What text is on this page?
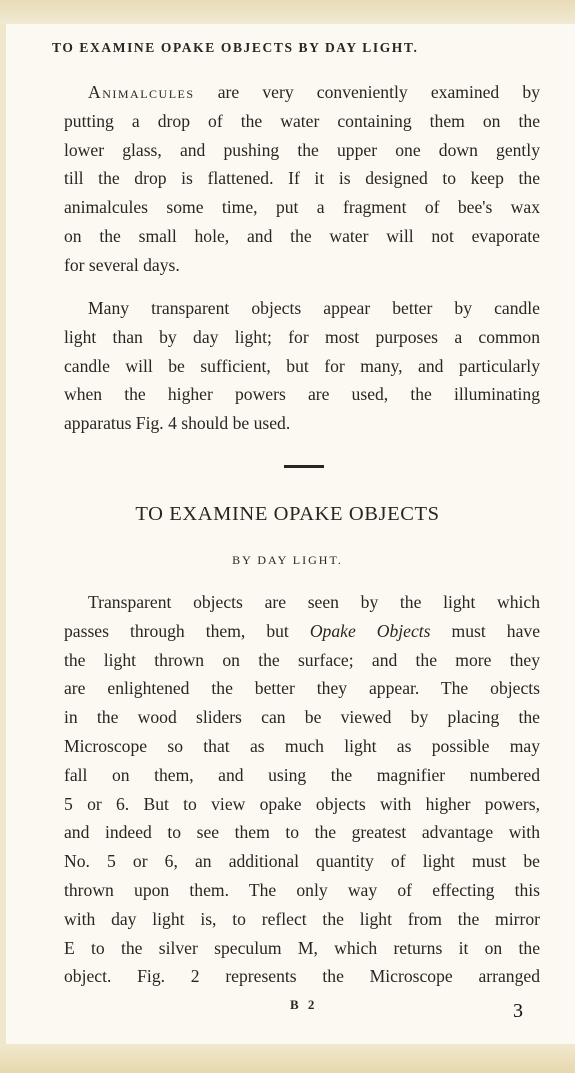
TO EXAMINE OPAKE OBJECTS BY DAY LIGHT.
Animalcules are very conveniently examined by
putting a drop of the water containing them on the
lower glass, and pushing the upper one down gently
till the drop is flattened. If it is designed to keep the
animalcules some time, put a fragment of bee's wax
on the small hole, and the water will not evaporate
for several days.
Many transparent objects appear better by candle
light than by day light; for most purposes a common
candle will be sufficient, but for many, and particularly
when the higher powers are used, the illuminating
apparatus Fig. 4 should be used.
TO EXAMINE OPAKE OBJECTS
BY DAY LIGHT.
Transparent objects are seen by the light which
passes through them, but Opake Objects must have
the light thrown on the surface; and the more they
are enlightened the better they appear. The objects
in the wood sliders can be viewed by placing the
Microscope so that as much light as possible may
fall on them, and using the magnifier numbered
5 or 6. But to view opake objects with higher powers,
and indeed to see them to the greatest advantage with
No. 5 or 6, an additional quantity of light must be
thrown upon them. The only way of effecting this
with day light is, to reflect the light from the mirror
E to the silver speculum M, which returns it on the
object. Fig. 2 represents the Microscope arranged
B 2	3
